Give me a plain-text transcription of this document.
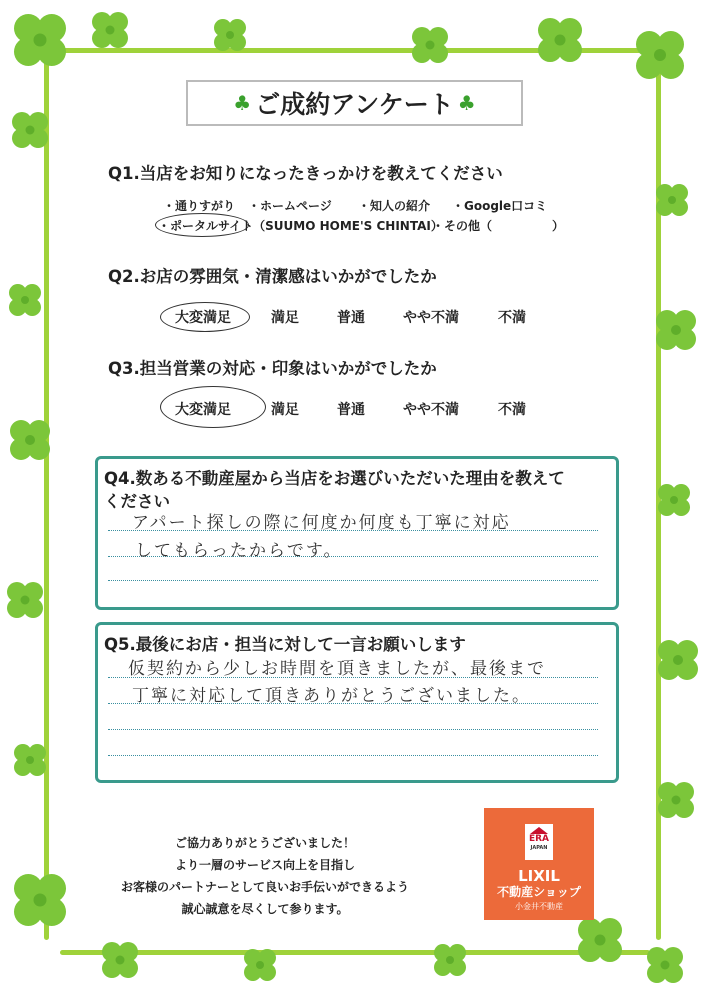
♣ ご成約アンケート ♣
Q1.当店をお知りになったきっかけを教えてください
・通りすがり ・ホームページ ・知人の紹介 ・Google口コミ
・ポータルサイト（SUUMO HOME'S CHINTAI）
・その他（　　　　　）
Q2.お店の雰囲気・清潔感はいかがでしたか
大変満足	満足	普通	やや不満	不満
Q3.担当営業の対応・印象はいかがでしたか
大変満足	満足	普通	やや不満	不満
Q4.数ある不動産屋から当店をお選びいただいた理由を教えて
ください
アパート探しの際に何度か何度も丁寧に対応
してもらったからです。
Q5.最後にお店・担当に対して一言お願いします
仮契約から少しお時間を頂きましたが、最後まで
丁寧に対応して頂きありがとうございました。
ご協力ありがとうございました！
より一層のサービス向上を目指し
お客様のパートナーとして良いお手伝いができるよう
誠心誠意を尽くして参ります。
ERA
JAPAN
LIXIL
不動産ショップ
小金井不動産
